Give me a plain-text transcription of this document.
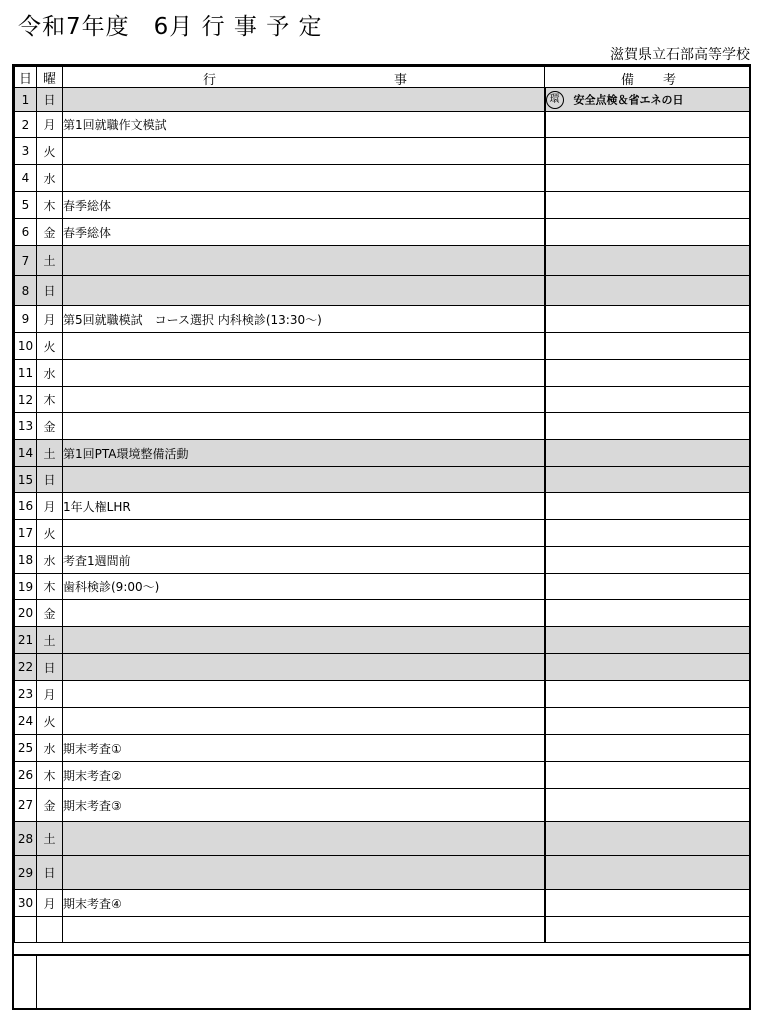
令和7年度　6月 行 事 予 定
滋賀県立石部高等学校
日	曜	行 事	備 考

1	日		環 安全点検＆省エネの日
2	月	第1回就職作文模試	
3	火		
4	水		
5	木	春季総体	
6	金	春季総体	
7	土		
8	日		
9	月	第5回就職模試　コース選択 内科検診(13:30～)	
10	火		
11	水		
12	木		
13	金		
14	土	第1回PTA環境整備活動	
15	日		
16	月	1年人権LHR	
17	火		
18	水	考査1週間前	
19	木	歯科検診(9:00～)	
20	金		
21	土		
22	日		
23	月		
24	火		
25	水	期末考査①	
26	木	期末考査②	
27	金	期末考査③	
28	土		
29	日		
30	月	期末考査④	
